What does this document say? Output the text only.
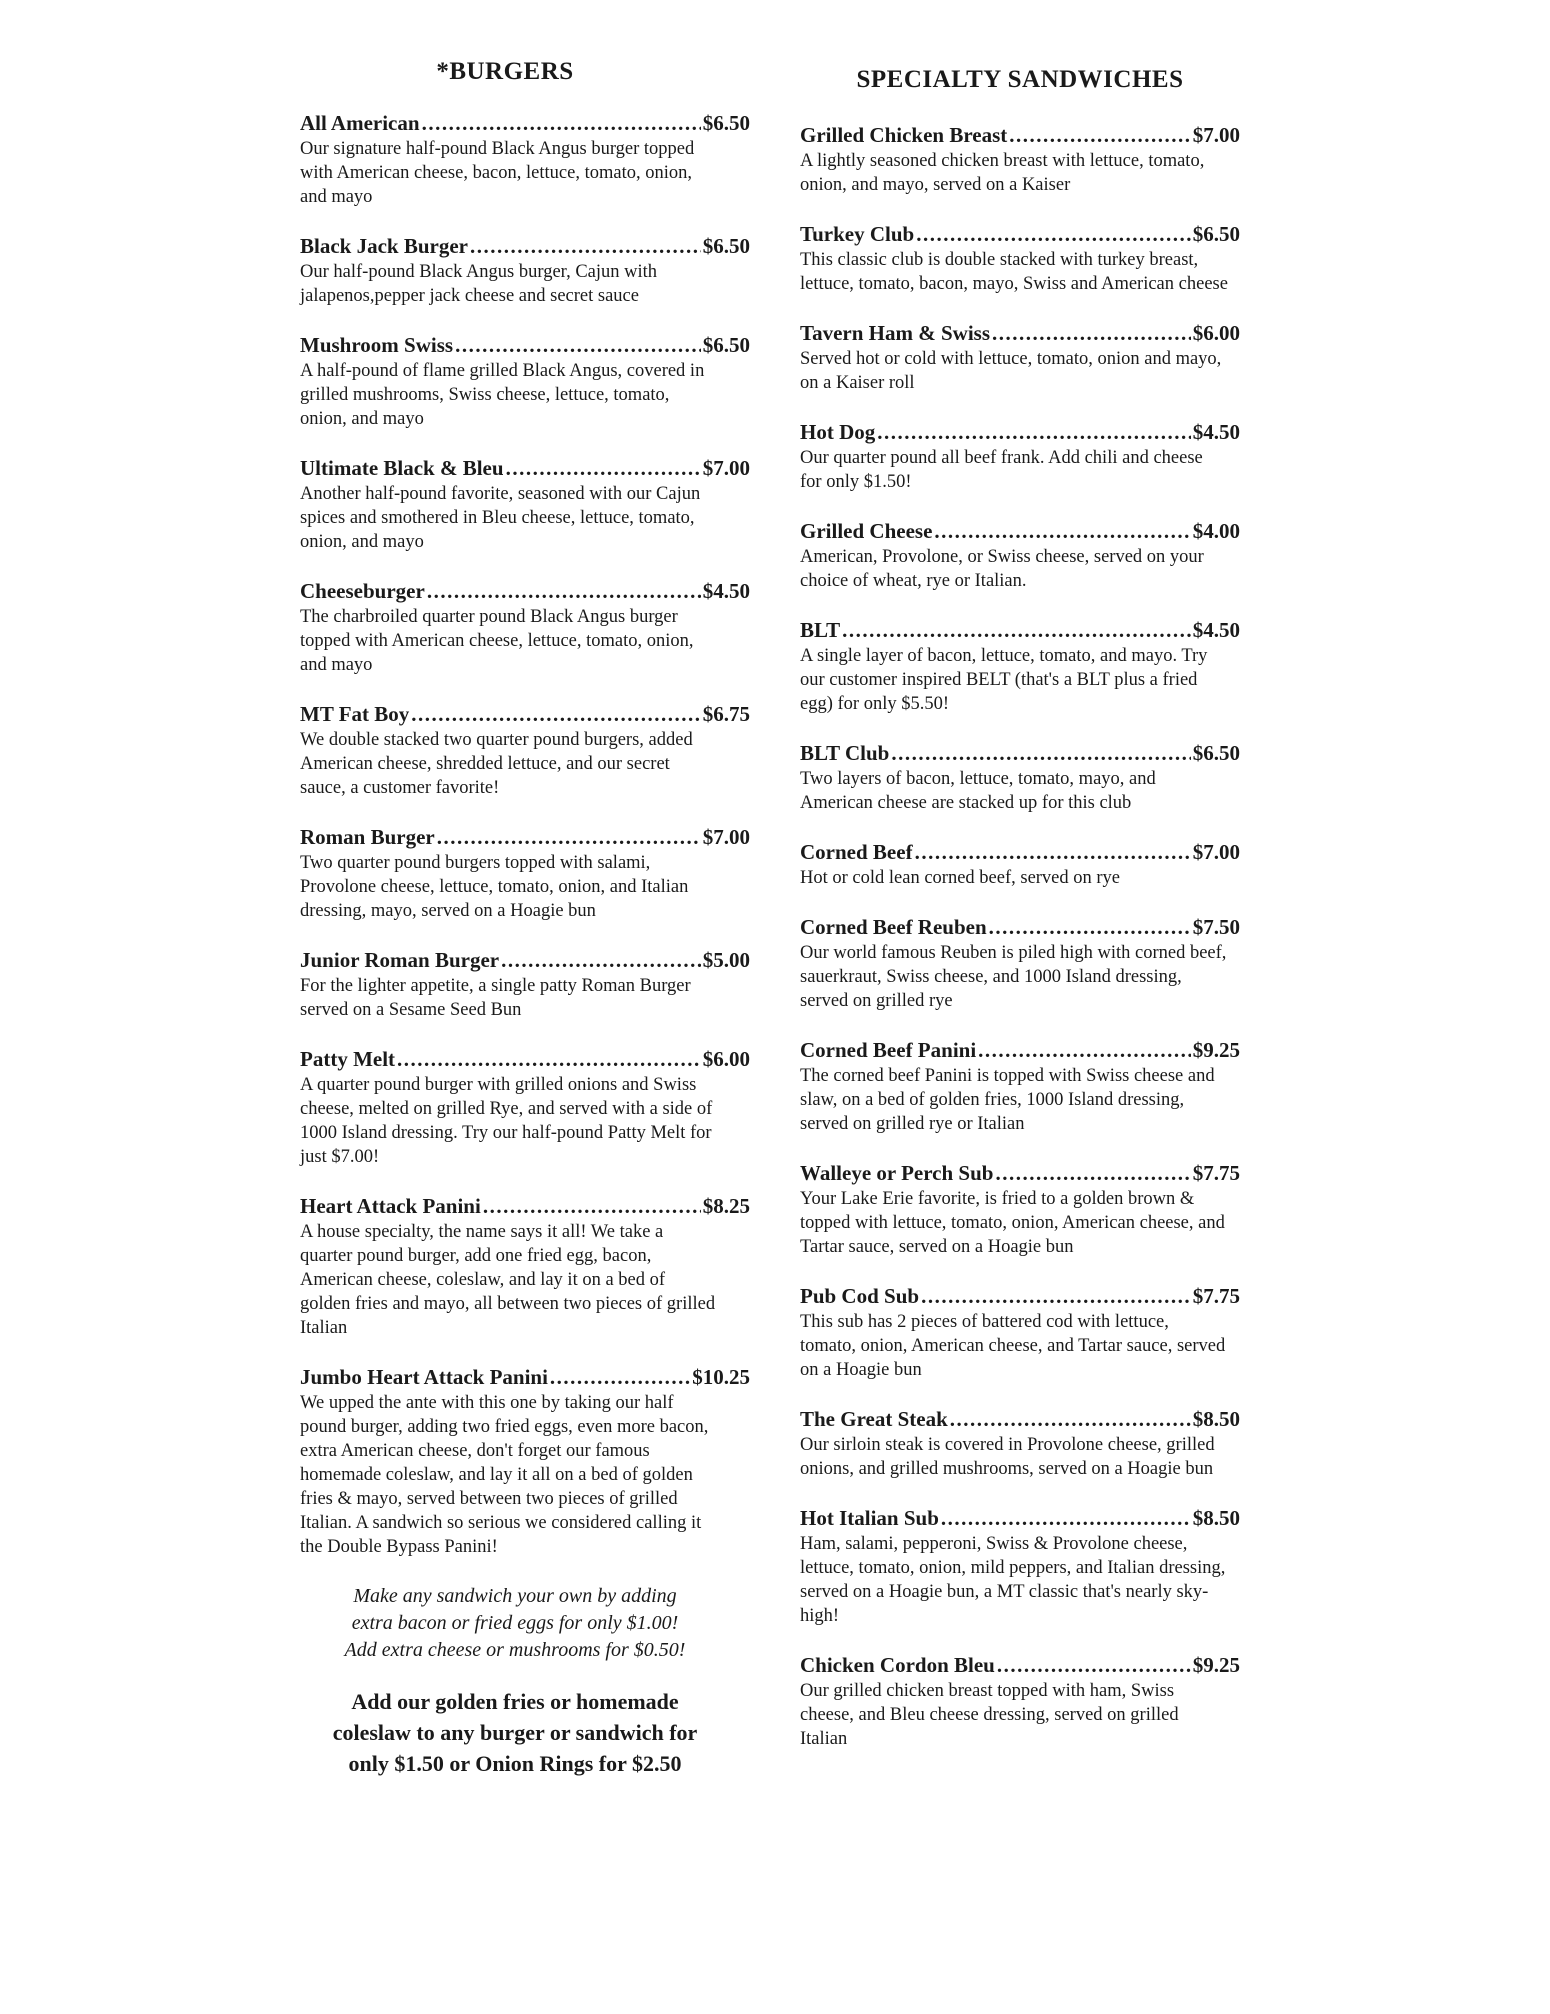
*BURGERS
All American .....	$6.50
Our signature half-pound Black Angus burger topped with American cheese, bacon, lettuce, tomato, onion, and mayo
Black Jack Burger .....	$6.50
Our half-pound Black Angus burger, Cajun with jalapenos,pepper jack cheese and secret sauce
Mushroom Swiss .....	$6.50
A half-pound of flame grilled Black Angus, covered in grilled mushrooms, Swiss cheese, lettuce, tomato, onion, and mayo
Ultimate Black & Bleu .....	$7.00
Another half-pound favorite, seasoned with our Cajun spices and smothered in Bleu cheese, lettuce, tomato, onion, and mayo
Cheeseburger .....	$4.50
The charbroiled quarter pound Black Angus burger topped with American cheese, lettuce, tomato, onion, and mayo
MT Fat Boy .....	$6.75
We double stacked two quarter pound burgers, added American cheese, shredded lettuce, and our secret sauce, a customer favorite!
Roman Burger .....	$7.00
Two quarter pound burgers topped with salami, Provolone cheese, lettuce, tomato, onion, and Italian dressing, mayo, served on a Hoagie bun
Junior Roman Burger .....	$5.00
For the lighter appetite, a single patty Roman Burger served on a Sesame Seed Bun
Patty Melt .....	$6.00
A quarter pound burger with grilled onions and Swiss cheese, melted on grilled Rye, and served with a side of 1000 Island dressing. Try our half-pound Patty Melt for just $7.00!
Heart Attack Panini .....	$8.25
A house specialty, the name says it all! We take a quarter pound burger, add one fried egg, bacon, American cheese, coleslaw, and lay it on a bed of golden fries and mayo, all between two pieces of grilled Italian
Jumbo Heart Attack Panini .....	$10.25
We upped the ante with this one by taking our half pound burger, adding two fried eggs, even more bacon, extra American cheese, don't forget our famous homemade coleslaw, and lay it all on a bed of golden fries & mayo, served between two pieces of grilled Italian. A sandwich so serious we considered calling it the Double Bypass Panini!
Make any sandwich your own by adding
extra bacon or fried eggs for only $1.00!
Add extra cheese or mushrooms for $0.50!
Add our golden fries or homemade
coleslaw to any burger or sandwich for
only $1.50 or Onion Rings for $2.50
SPECIALTY SANDWICHES
Grilled Chicken Breast .....	$7.00
A lightly seasoned chicken breast with lettuce, tomato, onion, and mayo, served on a Kaiser
Turkey Club .....	$6.50
This classic club is double stacked with turkey breast, lettuce, tomato, bacon, mayo, Swiss and American cheese
Tavern Ham & Swiss .....	$6.00
Served hot or cold with lettuce, tomato, onion and mayo, on a Kaiser roll
Hot Dog .....	$4.50
Our quarter pound all beef frank. Add chili and cheese for only $1.50!
Grilled Cheese .....	$4.00
American, Provolone, or Swiss cheese, served on your choice of wheat, rye or Italian.
BLT .....	$4.50
A single layer of bacon, lettuce, tomato, and mayo. Try our customer inspired BELT (that's a BLT plus a fried egg) for only $5.50!
BLT Club .....	$6.50
Two layers of bacon, lettuce, tomato, mayo, and American cheese are stacked up for this club
Corned Beef .....	$7.00
Hot or cold lean corned beef, served on rye
Corned Beef Reuben .....	$7.50
Our world famous Reuben is piled high with corned beef, sauerkraut, Swiss cheese, and 1000 Island dressing, served on grilled rye
Corned Beef Panini .....	$9.25
The corned beef Panini is topped with Swiss cheese and slaw, on a bed of golden fries, 1000 Island dressing, served on grilled rye or Italian
Walleye or Perch Sub .....	$7.75
Your Lake Erie favorite, is fried to a golden brown & topped with lettuce, tomato, onion, American cheese, and Tartar sauce, served on a Hoagie bun
Pub Cod Sub .....	$7.75
This sub has 2 pieces of battered cod with lettuce, tomato, onion, American cheese, and Tartar sauce, served on a Hoagie bun
The Great Steak .....	$8.50
Our sirloin steak is covered in Provolone cheese, grilled onions, and grilled mushrooms, served on a Hoagie bun
Hot Italian Sub .....	$8.50
Ham, salami, pepperoni, Swiss & Provolone cheese, lettuce, tomato, onion, mild peppers, and Italian dressing, served on a Hoagie bun, a MT classic that's nearly sky-high!
Chicken Cordon Bleu .....	$9.25
Our grilled chicken breast topped with ham, Swiss cheese, and Bleu cheese dressing, served on grilled Italian
